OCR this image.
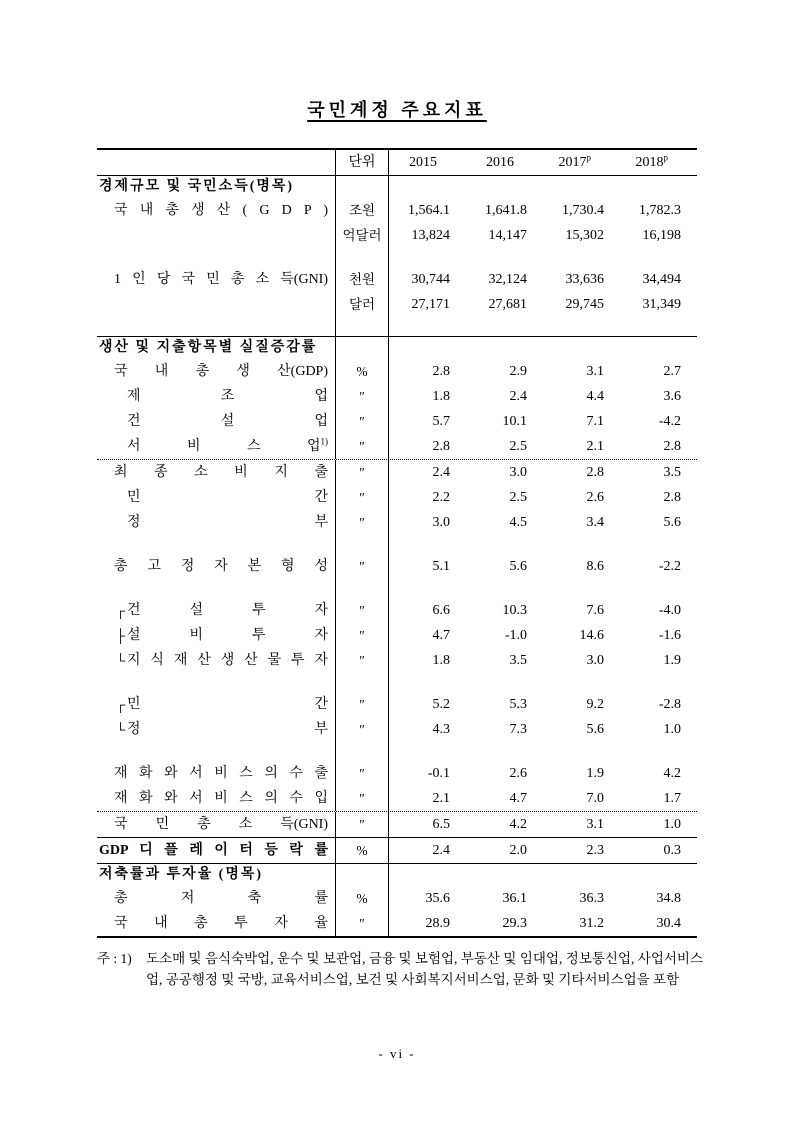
국민계정 주요지표
단위	2015	2016	2017$^p$	2018$^p$
경제규모 및 국민소득(명목)
국 내 총 생 산 ( G D P )	조원	1,564.1	1,641.8	1,730.4	1,782.3
억달러	13,824	14,147	15,302	16,198
1 인 당 국 민 총 소 득(GNI)	천원	30,744	32,124	33,636	34,494
달러	27,171	27,681	29,745	31,349
생산 및 지출항목별 실질증감률
국 내 총 생 산(GDP)	%	2.8	2.9	3.1	2.7
제 조 업	″	1.8	2.4	4.4	3.6
건 설 업	″	5.7	10.1	7.1	-4.2
서 비 스 업$^{1)}$	″	2.8	2.5	2.1	2.8
최 종 소 비 지 출	″	2.4	3.0	2.8	3.5
민 간	″	2.2	2.5	2.6	2.8
정 부	″	3.0	4.5	3.4	5.6
총 고 정 자 본 형 성	″	5.1	5.6	8.6	-2.2
┌ 건 설 투 자	″	6.6	10.3	7.6	-4.0
├ 설 비 투 자	″	4.7	-1.0	14.6	-1.6
└ 지 식 재 산 생 산 물 투 자	″	1.8	3.5	3.0	1.9
┌ 민 간	″	5.2	5.3	9.2	-2.8
└ 정 부	″	4.3	7.3	5.6	1.0
재 화 와 서 비 스 의 수 출	″	-0.1	2.6	1.9	4.2
재 화 와 서 비 스 의 수 입	″	2.1	4.7	7.0	1.7
국 민 총 소 득(GNI)	″	6.5	4.2	3.1	1.0
GDP 디 플 레 이 터 등 락 률	%	2.4	2.0	2.3	0.3
저축률과 투자율 (명목)
총 저 축 률	%	35.6	36.1	36.3	34.8
국 내 총 투 자 율	″	28.9	29.3	31.2	30.4
주 : 1)	도소매 및 음식숙박업, 운수 및 보관업, 금융 및 보험업, 부동산 및 임대업, 정보통신업, 사업서비스업, 공공행정 및 국방, 교육서비스업, 보건 및 사회복지서비스업, 문화 및 기타서비스업을 포함
- vi -
